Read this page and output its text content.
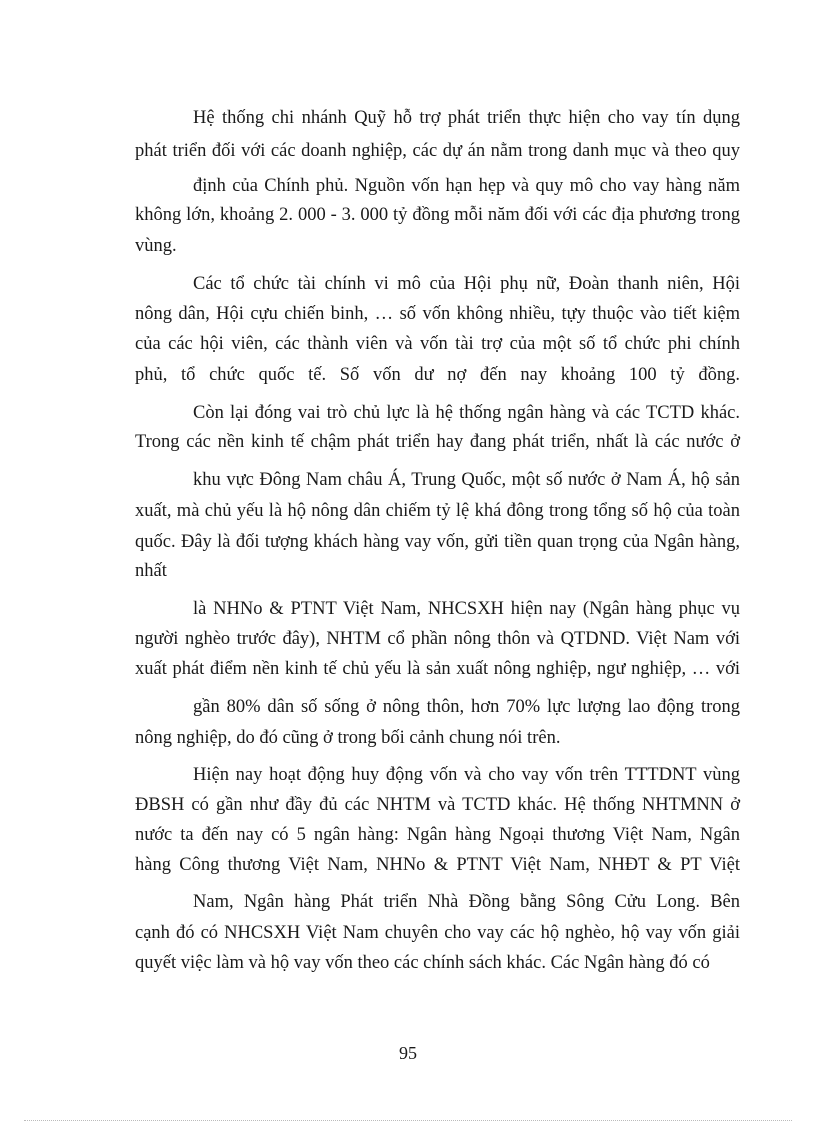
Hệ thống chi nhánh Quỹ hỗ trợ phát triển thực hiện cho vay tín dụng
phát triển đối với các doanh nghiệp, các dự án nằm trong danh mục và theo quy
định của Chính phủ. Nguồn vốn hạn hẹp và quy mô cho vay hàng năm
không lớn, khoảng 2. 000 - 3. 000 tỷ đồng mỗi năm đối với các địa phương trong
vùng.
Các tổ chức tài chính vi mô của Hội phụ nữ, Đoàn thanh niên, Hội
nông dân, Hội cựu chiến binh, … số vốn không nhiều, tựy thuộc vào tiết kiệm
của các hội viên, các thành viên và vốn tài trợ của một số tổ chức phi chính
phủ, tổ chức quốc tế. Số vốn dư nợ đến nay khoảng 100 tỷ đồng.
Còn lại đóng vai trò chủ lực là hệ thống ngân hàng và các TCTD khác.
Trong các nền kinh tế chậm phát triển hay đang phát triển, nhất là các nước ở
khu vực Đông Nam châu Á, Trung Quốc, một số nước ở Nam Á, hộ sản
xuất, mà chủ yếu là hộ nông dân chiếm tỷ lệ khá đông trong tổng số hộ của toàn
quốc. Đây là đối tượng khách hàng vay vốn, gửi tiền quan trọng của Ngân hàng,
nhất
là NHNo & PTNT Việt Nam, NHCSXH hiện nay (Ngân hàng phục vụ
người nghèo trước đây), NHTM cổ phần nông thôn và QTDND. Việt Nam với
xuất phát điểm nền kinh tế chủ yếu là sản xuất nông nghiệp, ngư nghiệp, … với
gần 80% dân số sống ở nông thôn, hơn 70% lực lượng lao động trong
nông nghiệp, do đó cũng ở trong bối cảnh chung nói trên.
Hiện nay hoạt động huy động vốn và cho vay vốn trên TTTDNT vùng
ĐBSH có gần như đầy đủ các NHTM và TCTD khác. Hệ thống NHTMNN ở
nước ta đến nay có 5 ngân hàng: Ngân hàng Ngoại thương Việt Nam, Ngân
hàng Công thương Việt Nam, NHNo & PTNT Việt Nam, NHĐT & PT Việt
Nam, Ngân hàng Phát triển Nhà Đồng bằng Sông Cửu Long. Bên
cạnh đó có NHCSXH Việt Nam chuyên cho vay các hộ nghèo, hộ vay vốn giải
quyết việc làm và hộ vay vốn theo các chính sách khác. Các Ngân hàng đó có
95
